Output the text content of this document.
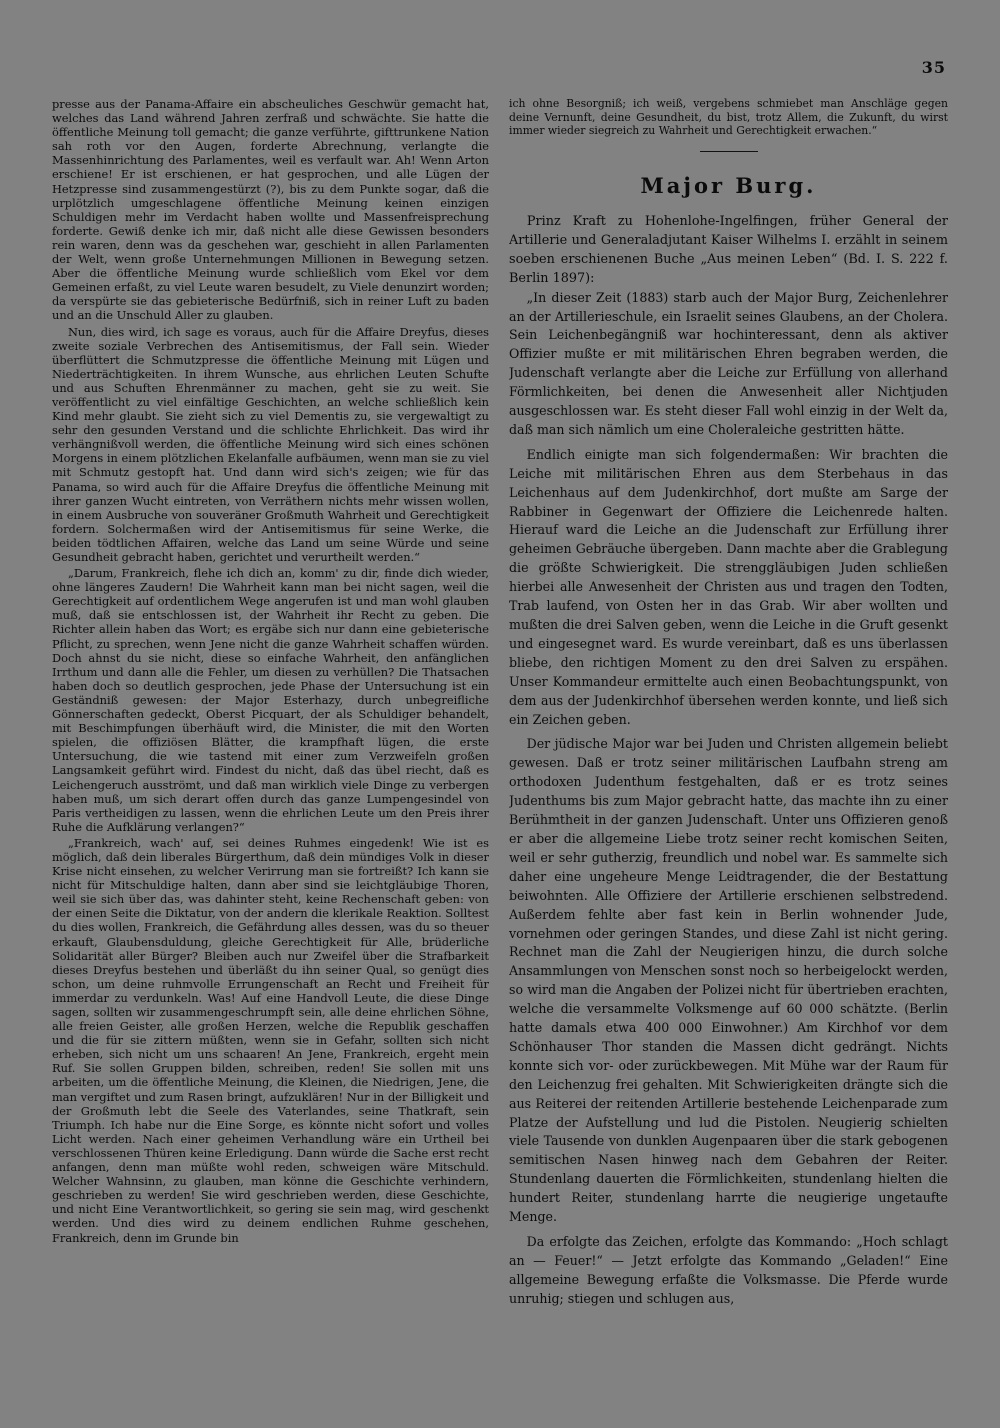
35

presse aus der Panama-Affaire ein abscheuliches Geschwür gemacht hat, welches das Land während Jahren zerfraß und schwächte. Sie hatte die öffentliche Meinung toll gemacht; die ganze verführte, gifttrunkene Nation sah roth vor den Augen, forderte Abrechnung, verlangte die Massenhinrichtung des Parlamentes, weil es verfault war. Ah! Wenn Arton erschiene! Er ist erschienen, er hat gesprochen, und alle Lügen der Hetzpresse sind zusammengestürzt (?), bis zu dem Punkte sogar, daß die urplötzlich umgeschlagene öffentliche Meinung keinen einzigen Schuldigen mehr im Verdacht haben wollte und Massenfreisprechung forderte. Gewiß denke ich mir, daß nicht alle diese Gewissen besonders rein waren, denn was da geschehen war, geschieht in allen Parlamenten der Welt, wenn große Unternehmungen Millionen in Bewegung setzen. Aber die öffentliche Meinung wurde schließlich vom Ekel vor dem Gemeinen erfaßt, zu viel Leute waren besudelt, zu Viele denunzirt worden; da verspürte sie das gebieterische Bedürfniß, sich in reiner Luft zu baden und an die Unschuld Aller zu glauben.

Nun, dies wird, ich sage es voraus, auch für die Affaire Dreyfus, dieses zweite soziale Verbrechen des Antisemitismus, der Fall sein. Wieder überflüttert die Schmutzpresse die öffentliche Meinung mit Lügen und Niederträchtigkeiten. In ihrem Wunsche, aus ehrlichen Leuten Schufte und aus Schuften Ehrenmänner zu machen, geht sie zu weit. Sie veröffentlicht zu viel einfältige Geschichten, an welche schließlich kein Kind mehr glaubt. Sie zieht sich zu viel Dementis zu, sie vergewaltigt zu sehr den gesunden Verstand und die schlichte Ehrlichkeit. Das wird ihr verhängnißvoll werden, die öffentliche Meinung wird sich eines schönen Morgens in einem plötzlichen Ekelanfalle aufbäumen, wenn man sie zu viel mit Schmutz gestopft hat. Und dann wird sich's zeigen; wie für das Panama, so wird auch für die Affaire Dreyfus die öffentliche Meinung mit ihrer ganzen Wucht eintreten, von Verräthern nichts mehr wissen wollen, in einem Ausbruche von souveräner Großmuth Wahrheit und Gerechtigkeit fordern. Solchermaßen wird der Antisemitismus für seine Werke, die beiden tödtlichen Affairen, welche das Land um seine Würde und seine Gesundheit gebracht haben, gerichtet und verurtheilt werden.“

„Darum, Frankreich, flehe ich dich an, komm' zu dir, finde dich wieder, ohne längeres Zaudern! Die Wahrheit kann man bei nicht sagen, weil die Gerechtigkeit auf ordentlichem Wege angerufen ist und man wohl glauben muß, daß sie entschlossen ist, der Wahrheit ihr Recht zu geben. Die Richter allein haben das Wort; es ergäbe sich nur dann eine gebieterische Pflicht, zu sprechen, wenn Jene nicht die ganze Wahrheit schaffen würden. Doch ahnst du sie nicht, diese so einfache Wahrheit, den anfänglichen Irrthum und dann alle die Fehler, um diesen zu verhüllen? Die Thatsachen haben doch so deutlich gesprochen, jede Phase der Untersuchung ist ein Geständniß gewesen: der Major Esterhazy, durch unbegreifliche Gönnerschaften gedeckt, Oberst Picquart, der als Schuldiger behandelt, mit Beschimpfungen überhäuft wird, die Minister, die mit den Worten spielen, die offiziösen Blätter, die krampfhaft lügen, die erste Untersuchung, die wie tastend mit einer zum Verzweifeln großen Langsamkeit geführt wird. Findest du nicht, daß das übel riecht, daß es Leichengeruch ausströmt, und daß man wirklich viele Dinge zu verbergen haben muß, um sich derart offen durch das ganze Lumpengesindel von Paris vertheidigen zu lassen, wenn die ehrlichen Leute um den Preis ihrer Ruhe die Aufklärung verlangen?“

„Frankreich, wach' auf, sei deines Ruhmes eingedenk! Wie ist es möglich, daß dein liberales Bürgerthum, daß dein mündiges Volk in dieser Krise nicht einsehen, zu welcher Verirrung man sie fortreißt? Ich kann sie nicht für Mitschuldige halten, dann aber sind sie leichtgläubige Thoren, weil sie sich über das, was dahinter steht, keine Rechenschaft geben: von der einen Seite die Diktatur, von der andern die klerikale Reaktion. Solltest du dies wollen, Frankreich, die Gefährdung alles dessen, was du so theuer erkauft, Glaubensduldung, gleiche Gerechtigkeit für Alle, brüderliche Solidarität aller Bürger? Bleiben auch nur Zweifel über die Strafbarkeit dieses Dreyfus bestehen und überläßt du ihn seiner Qual, so genügt dies schon, um deine ruhmvolle Errungenschaft an Recht und Freiheit für immerdar zu verdunkeln. Was! Auf eine Handvoll Leute, die diese Dinge sagen, sollten wir zusammengeschrumpft sein, alle deine ehrlichen Söhne, alle freien Geister, alle großen Herzen, welche die Republik geschaffen und die für sie zittern müßten, wenn sie in Gefahr, sollten sich nicht erheben, sich nicht um uns schaaren! An Jene, Frankreich, ergeht mein Ruf. Sie sollen Gruppen bilden, schreiben, reden! Sie sollen mit uns arbeiten, um die öffentliche Meinung, die Kleinen, die Niedrigen, Jene, die man vergiftet und zum Rasen bringt, aufzuklären! Nur in der Billigkeit und der Großmuth lebt die Seele des Vaterlandes, seine Thatkraft, sein Triumph. Ich habe nur die Eine Sorge, es könnte nicht sofort und volles Licht werden. Nach einer geheimen Verhandlung wäre ein Urtheil bei verschlossenen Thüren keine Erledigung. Dann würde die Sache erst recht anfangen, denn man müßte wohl reden, schweigen wäre Mitschuld. Welcher Wahnsinn, zu glauben, man könne die Geschichte verhindern, geschrieben zu werden! Sie wird geschrieben werden, diese Geschichte, und nicht Eine Verantwortlichkeit, so gering sie sein mag, wird geschenkt werden. Und dies wird zu deinem endlichen Ruhme geschehen, Frankreich, denn im Grunde bin

ich ohne Besorgniß; ich weiß, vergebens schmiebet man Anschläge gegen deine Vernunft, deine Gesundheit, du bist, trotz Allem, die Zukunft, du wirst immer wieder siegreich zu Wahrheit und Gerechtigkeit erwachen.“

Major Burg.

Prinz Kraft zu Hohenlohe-Ingelfingen, früher General der Artillerie und Generaladjutant Kaiser Wilhelms I. erzählt in seinem soeben erschienenen Buche „Aus meinen Leben“ (Bd. I. S. 222 f. Berlin 1897):

„In dieser Zeit (1883) starb auch der Major Burg, Zeichenlehrer an der Artillerieschule, ein Israelit seines Glaubens, an der Cholera. Sein Leichenbegängniß war hochinteressant, denn als aktiver Offizier mußte er mit militärischen Ehren begraben werden, die Judenschaft verlangte aber die Leiche zur Erfüllung von allerhand Förmlichkeiten, bei denen die Anwesenheit aller Nichtjuden ausgeschlossen war. Es steht dieser Fall wohl einzig in der Welt da, daß man sich nämlich um eine Choleraleiche gestritten hätte.

Endlich einigte man sich folgendermaßen: Wir brachten die Leiche mit militärischen Ehren aus dem Sterbehaus in das Leichenhaus auf dem Judenkirchhof, dort mußte am Sarge der Rabbiner in Gegenwart der Offiziere die Leichenrede halten. Hierauf ward die Leiche an die Judenschaft zur Erfüllung ihrer geheimen Gebräuche übergeben. Dann machte aber die Grablegung die größte Schwierigkeit. Die strenggläubigen Juden schließen hierbei alle Anwesenheit der Christen aus und tragen den Todten, Trab laufend, von Osten her in das Grab. Wir aber wollten und mußten die drei Salven geben, wenn die Leiche in die Gruft gesenkt und eingesegnet ward. Es wurde vereinbart, daß es uns überlassen bliebe, den richtigen Moment zu den drei Salven zu erspähen. Unser Kommandeur ermittelte auch einen Beobachtungspunkt, von dem aus der Judenkirchhof übersehen werden konnte, und ließ sich ein Zeichen geben.

Der jüdische Major war bei Juden und Christen allgemein beliebt gewesen. Daß er trotz seiner militärischen Laufbahn streng am orthodoxen Judenthum festgehalten, daß er es trotz seines Judenthums bis zum Major gebracht hatte, das machte ihn zu einer Berühmtheit in der ganzen Judenschaft. Unter uns Offizieren genoß er aber die allgemeine Liebe trotz seiner recht komischen Seiten, weil er sehr gutherzig, freundlich und nobel war. Es sammelte sich daher eine ungeheure Menge Leidtragender, die der Bestattung beiwohnten. Alle Offiziere der Artillerie erschienen selbstredend. Außerdem fehlte aber fast kein in Berlin wohnender Jude, vornehmen oder geringen Standes, und diese Zahl ist nicht gering. Rechnet man die Zahl der Neugierigen hinzu, die durch solche Ansammlungen von Menschen sonst noch so herbeigelockt werden, so wird man die Angaben der Polizei nicht für übertrieben erachten, welche die versammelte Volksmenge auf 60 000 schätzte. (Berlin hatte damals etwa 400 000 Einwohner.) Am Kirchhof vor dem Schönhauser Thor standen die Massen dicht gedrängt. Nichts konnte sich vor- oder zurückbewegen. Mit Mühe war der Raum für den Leichenzug frei gehalten. Mit Schwierigkeiten drängte sich die aus Reiterei der reitenden Artillerie bestehende Leichenparade zum Platze der Aufstellung und lud die Pistolen. Neugierig schielten viele Tausende von dunklen Augenpaaren über die stark gebogenen semitischen Nasen hinweg nach dem Gebahren der Reiter. Stundenlang dauerten die Förmlichkeiten, stundenlang hielten die hundert Reiter, stundenlang harrte die neugierige ungetaufte Menge.

Da erfolgte das Zeichen, erfolgte das Kommando: „Hoch schlagt an — Feuer!“ — Jetzt erfolgte das Kommando „Geladen!“ Eine allgemeine Bewegung erfaßte die Volksmasse. Die Pferde wurde unruhig; stiegen und schlugen aus,
